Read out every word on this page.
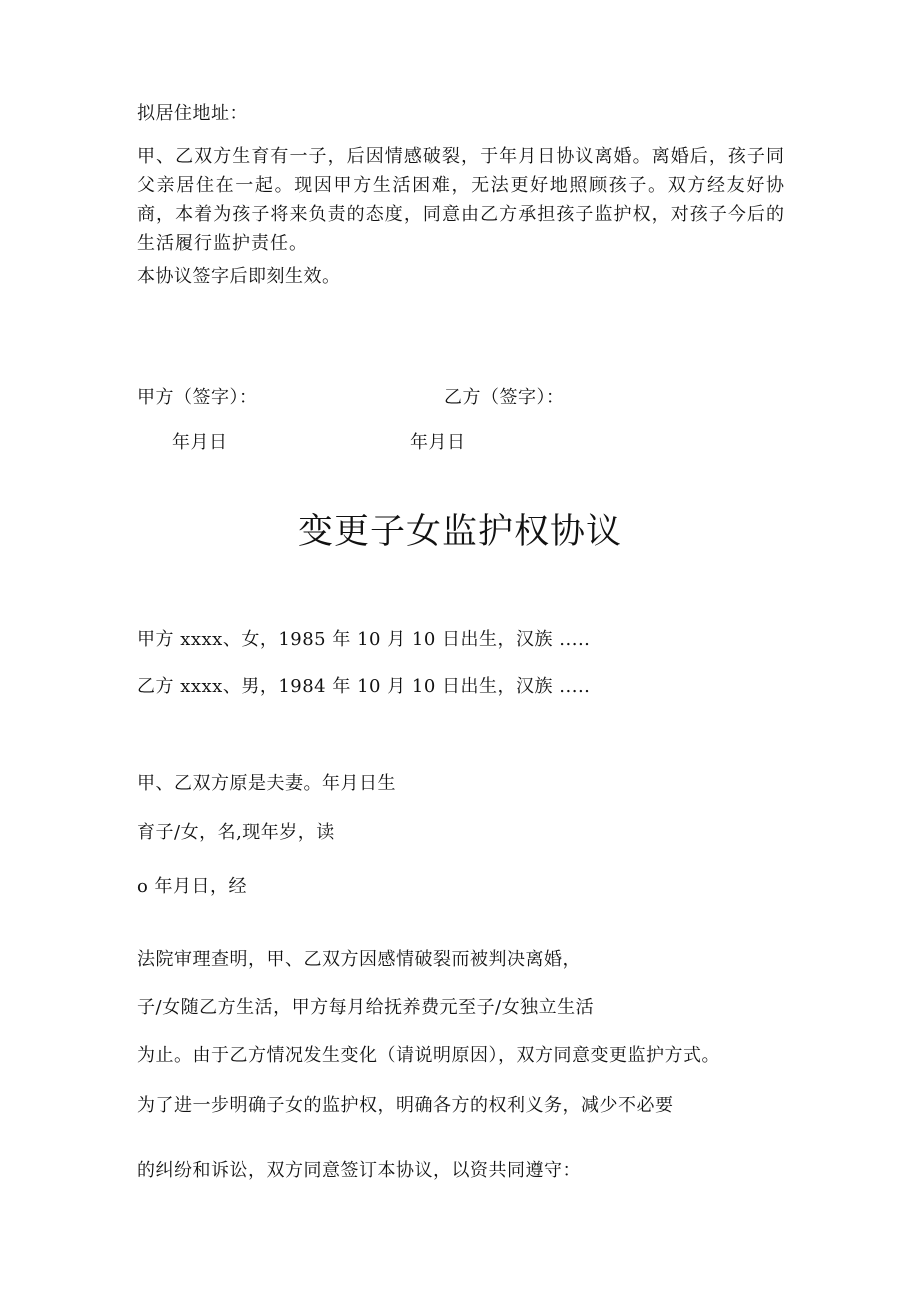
拟居住地址：
甲、乙双方生育有一子，后因情感破裂，于年月日协议离婚。离婚后，孩子同父亲居住在一起。现因甲方生活困难，无法更好地照顾孩子。双方经友好协商，本着为孩子将来负责的态度，同意由乙方承担孩子监护权，对孩子今后的生活履行监护责任。
本协议签字后即刻生效。
甲方（签字）：	乙方（签字）：
年月日	年月日
变更子女监护权协议
甲方 xxxx、女，1985 年 10 月 10 日出生，汉族 .....
乙方 xxxx、男，1984 年 10 月 10 日出生，汉族 .....
甲、乙双方原是夫妻。年月日生
育子/女，名,现年岁，读
o 年月日，经
法院审理查明，甲、乙双方因感情破裂而被判决离婚，
子/女随乙方生活，甲方每月给抚养费元至子/女独立生活
为止。由于乙方情况发生变化（请说明原因），双方同意变更监护方式。
为了进一步明确子女的监护权，明确各方的权利义务，减少不必要
的纠纷和诉讼，双方同意签订本协议，以资共同遵守：
